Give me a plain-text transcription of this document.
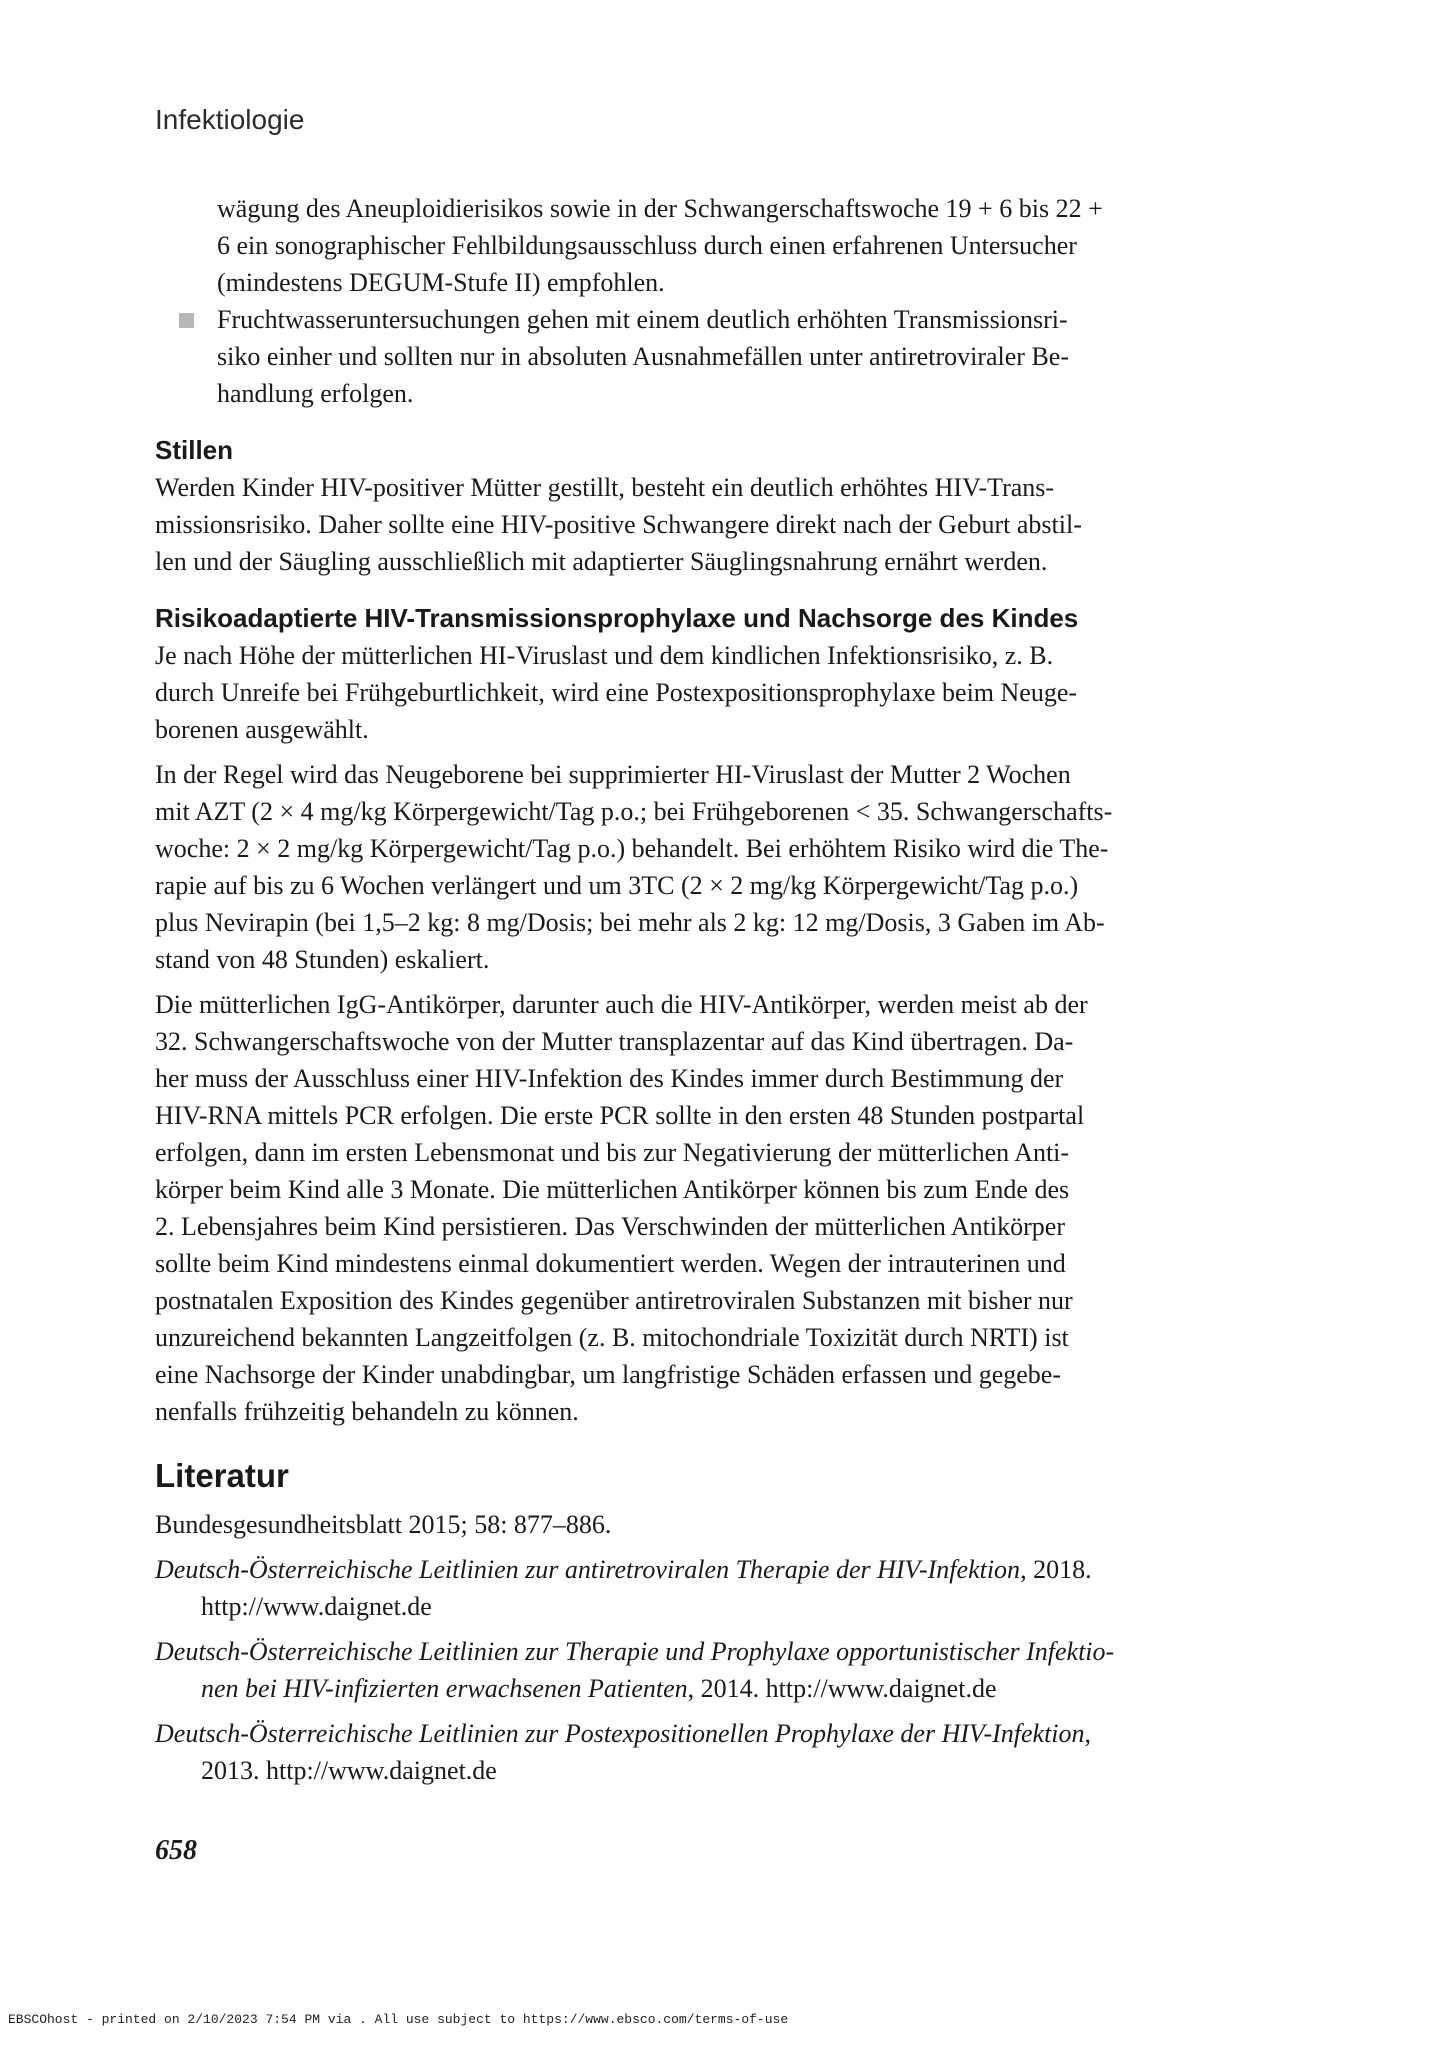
Infektiologie
wägung des Aneuploidierisikos sowie in der Schwangerschaftswoche 19 + 6 bis 22 +
6 ein sonographischer Fehlbildungsausschluss durch einen erfahrenen Untersucher
(mindestens DEGUM-Stufe II) empfohlen.
Fruchtwasseruntersuchungen gehen mit einem deutlich erhöhten Transmissionsri-
siko einher und sollten nur in absoluten Ausnahmefällen unter antiretroviraler Be-
handlung erfolgen.
Stillen
Werden Kinder HIV-positiver Mütter gestillt, besteht ein deutlich erhöhtes HIV-Trans-
missionsrisiko. Daher sollte eine HIV-positive Schwangere direkt nach der Geburt abstil-
len und der Säugling ausschließlich mit adaptierter Säuglingsnahrung ernährt werden.
Risikoadaptierte HIV-Transmissionsprophylaxe und Nachsorge des Kindes
Je nach Höhe der mütterlichen HI-Viruslast und dem kindlichen Infektionsrisiko, z. B.
durch Unreife bei Frühgeburtlichkeit, wird eine Postexpositionsprophylaxe beim Neuge-
borenen ausgewählt.
In der Regel wird das Neugeborene bei supprimierter HI-Viruslast der Mutter 2 Wochen
mit AZT (2 × 4 mg/kg Körpergewicht/Tag p.o.; bei Frühgeborenen < 35. Schwangerschafts-
woche: 2 × 2 mg/kg Körpergewicht/Tag p.o.) behandelt. Bei erhöhtem Risiko wird die The-
rapie auf bis zu 6 Wochen verlängert und um 3TC (2 × 2 mg/kg Körpergewicht/Tag p.o.)
plus Nevirapin (bei 1,5–2 kg: 8 mg/Dosis; bei mehr als 2 kg: 12 mg/Dosis, 3 Gaben im Ab-
stand von 48 Stunden) eskaliert.
Die mütterlichen IgG-Antikörper, darunter auch die HIV-Antikörper, werden meist ab der
32. Schwangerschaftswoche von der Mutter transplazentar auf das Kind übertragen. Da-
her muss der Ausschluss einer HIV-Infektion des Kindes immer durch Bestimmung der
HIV-RNA mittels PCR erfolgen. Die erste PCR sollte in den ersten 48 Stunden postpartal
erfolgen, dann im ersten Lebensmonat und bis zur Negativierung der mütterlichen Anti-
körper beim Kind alle 3 Monate. Die mütterlichen Antikörper können bis zum Ende des
2. Lebensjahres beim Kind persistieren. Das Verschwinden der mütterlichen Antikörper
sollte beim Kind mindestens einmal dokumentiert werden. Wegen der intrauterinen und
postnatalen Exposition des Kindes gegenüber antiretroviralen Substanzen mit bisher nur
unzureichend bekannten Langzeitfolgen (z. B. mitochondriale Toxizität durch NRTI) ist
eine Nachsorge der Kinder unabdingbar, um langfristige Schäden erfassen und gegebe-
nenfalls frühzeitig behandeln zu können.
Literatur

Bundesgesundheitsblatt 2015; 58: 877–886.

Deutsch-Österreichische Leitlinien zur antiretroviralen Therapie der HIV-Infektion, 2018.
http://www.daignet.de

Deutsch-Österreichische Leitlinien zur Therapie und Prophylaxe opportunistischer Infektio-
nen bei HIV-infizierten erwachsenen Patienten, 2014. http://www.daignet.de

Deutsch-Österreichische Leitlinien zur Postexpositionellen Prophylaxe der HIV-Infektion,
2013. http://www.daignet.de

658
EBSCOhost - printed on 2/10/2023 7:54 PM via . All use subject to https://www.ebsco.com/terms-of-use
